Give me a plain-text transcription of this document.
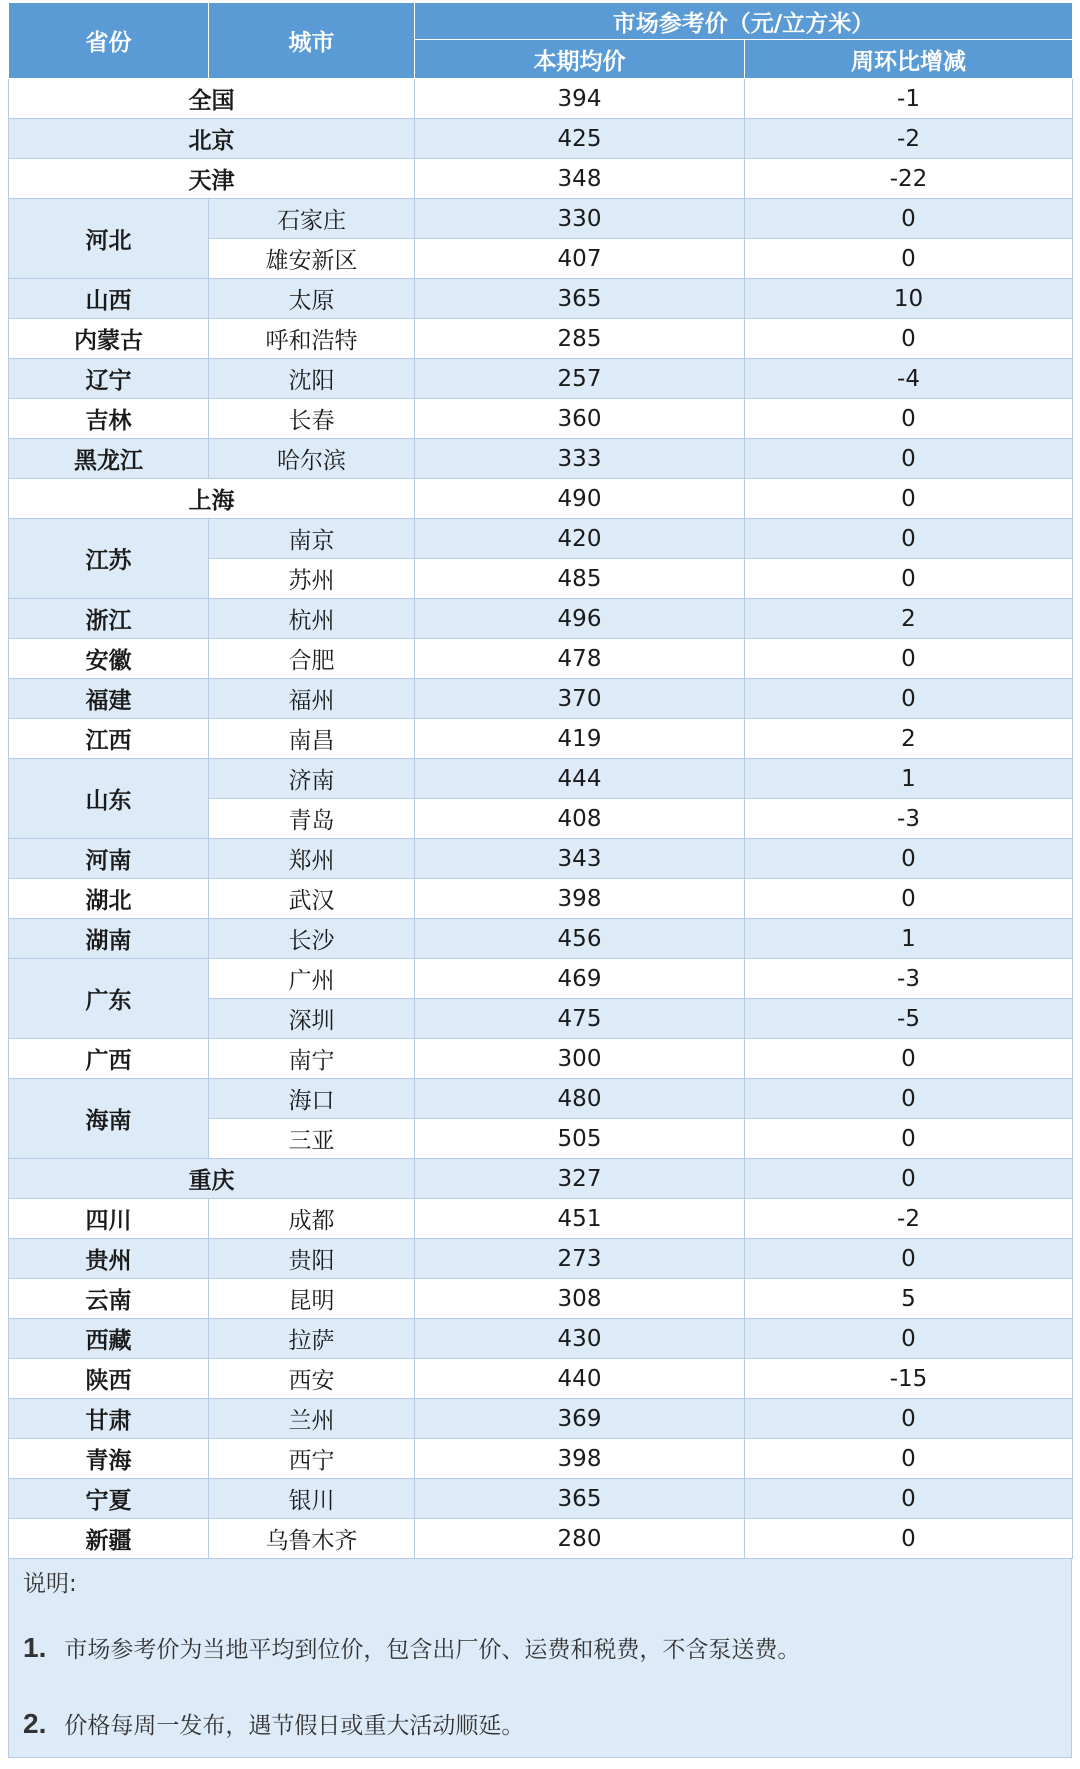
省份	城市	市场参考价（元/立方米）	
		本期均价	周环比增减
全国		394	-1
北京		425	-2
天津		348	-22
河北	石家庄	330	0
	雄安新区	407	0
山西	太原	365	10
内蒙古	呼和浩特	285	0
辽宁	沈阳	257	-4
吉林	长春	360	0
黑龙江	哈尔滨	333	0
上海		490	0
江苏	南京	420	0
	苏州	485	0
浙江	杭州	496	2
安徽	合肥	478	0
福建	福州	370	0
江西	南昌	419	2
山东	济南	444	1
	青岛	408	-3
河南	郑州	343	0
湖北	武汉	398	0
湖南	长沙	456	1
广东	广州	469	-3
	深圳	475	-5
广西	南宁	300	0
海南	海口	480	0
	三亚	505	0
重庆		327	0
四川	成都	451	-2
贵州	贵阳	273	0
云南	昆明	308	5
西藏	拉萨	430	0
陕西	西安	440	-15
甘肃	兰州	369	0
青海	西宁	398	0
宁夏	银川	365	0
新疆	乌鲁木齐	280	0
说明:
1. 市场参考价为当地平均到位价，包含出厂价、运费和税费，不含泵送费。
2. 价格每周一发布，遇节假日或重大活动顺延。
